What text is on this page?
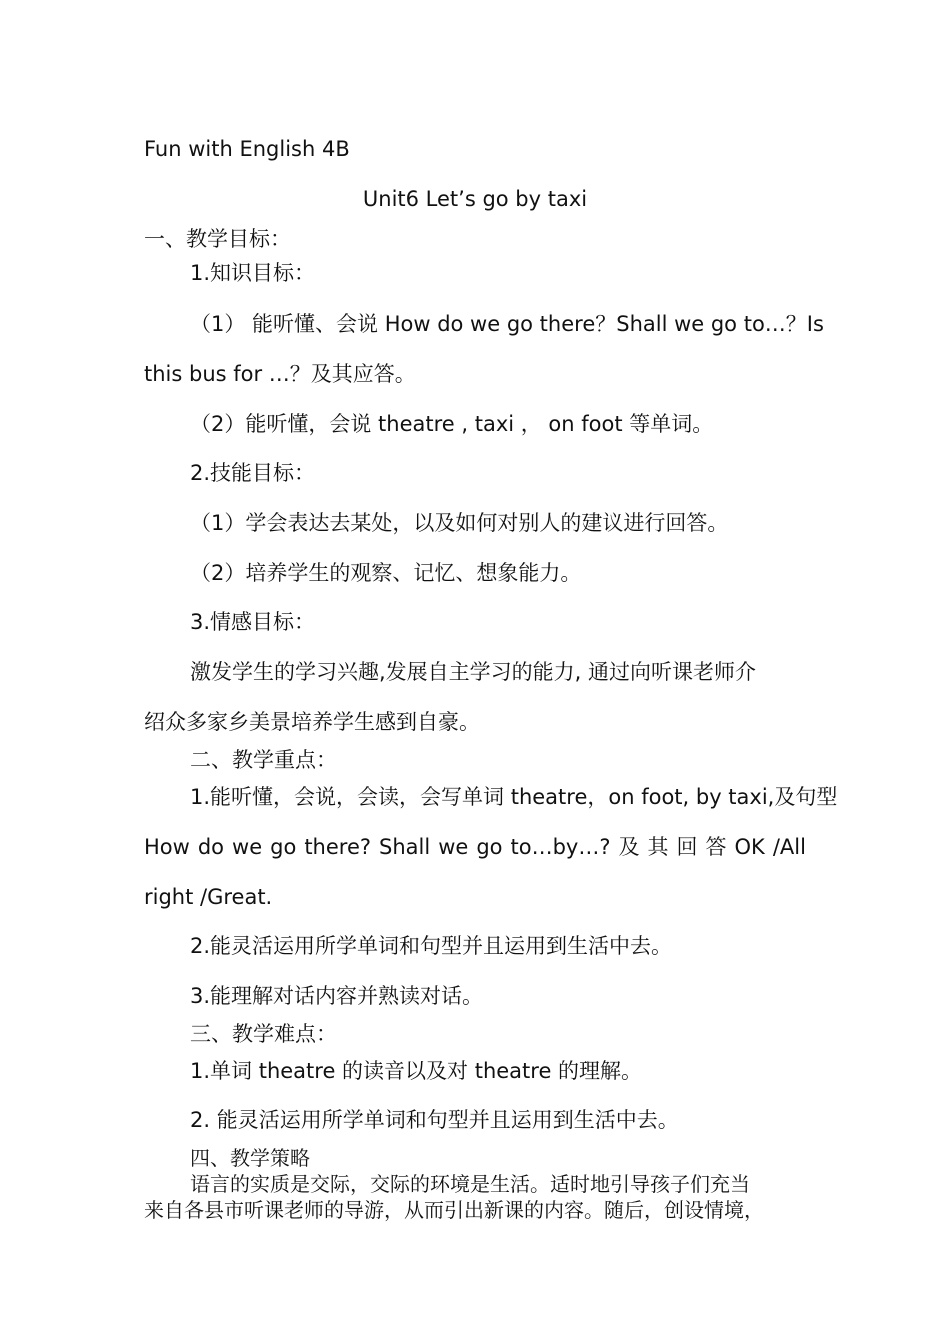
Fun with English 4B
Unit6 Let’s go by taxi
一、教学目标：
1.知识目标：
（1） 能听懂、会说 How do we go there？Shall we go to…？Is
this bus for …？及其应答。
（2）能听懂，会说 theatre , taxi ， on foot 等单词。
2.技能目标：
（1）学会表达去某处，以及如何对别人的建议进行回答。
（2）培养学生的观察、记忆、想象能力。
3.情感目标：
激发学生的学习兴趣,发展自主学习的能力, 通过向听课老师介
绍众多家乡美景培养学生感到自豪。
二、教学重点：
1.能听懂，会说，会读，会写单词 theatre，on foot, by taxi,及句型
How do we go there? Shall we go to…by…? 及 其 回 答 OK /All
right /Great.
2.能灵活运用所学单词和句型并且运用到生活中去。
3.能理解对话内容并熟读对话。
三、教学难点：
1.单词 theatre 的读音以及对 theatre 的理解。
2. 能灵活运用所学单词和句型并且运用到生活中去。
四、教学策略
语言的实质是交际，交际的环境是生活。适时地引导孩子们充当
来自各县市听课老师的导游，从而引出新课的内容。随后，创设情境，
